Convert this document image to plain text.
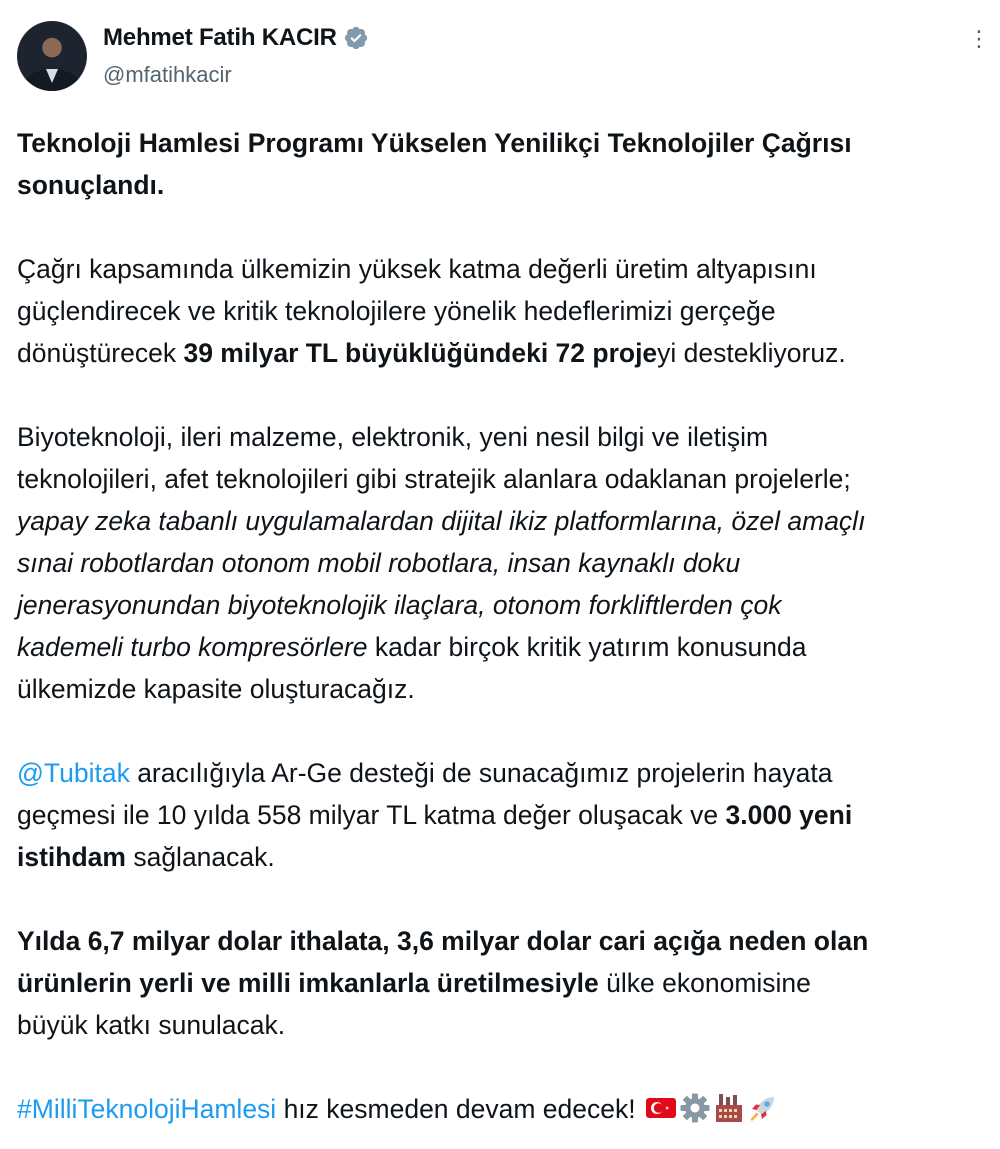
Mehmet Fatih KACIR
@mfatihkacir
⋮

Teknoloji Hamlesi Programı Yükselen Yenilikçi Teknolojiler Çağrısı
sonuçlandı.

Çağrı kapsamında ülkemizin yüksek katma değerli üretim altyapısını
güçlendirecek ve kritik teknolojilere yönelik hedeflerimizi gerçeğe
dönüştürecek 39 milyar TL büyüklüğündeki 72 projeyi destekliyoruz.

Biyoteknoloji, ileri malzeme, elektronik, yeni nesil bilgi ve iletişim
teknolojileri, afet teknolojileri gibi stratejik alanlara odaklanan projelerle;
yapay zeka tabanlı uygulamalardan dijital ikiz platformlarına, özel amaçlı
sınai robotlardan otonom mobil robotlara, insan kaynaklı doku
jenerasyonundan biyoteknolojik ilaçlara, otonom forkliftlerden çok
kademeli turbo kompresörlere kadar birçok kritik yatırım konusunda
ülkemizde kapasite oluşturacağız.

@Tubitak aracılığıyla Ar-Ge desteği de sunacağımız projelerin hayata
geçmesi ile 10 yılda 558 milyar TL katma değer oluşacak ve 3.000 yeni
istihdam sağlanacak.

Yılda 6,7 milyar dolar ithalata, 3,6 milyar dolar cari açığa neden olan
ürünlerin yerli ve milli imkanlarla üretilmesiyle ülke ekonomisine
büyük katkı sunulacak.

#MilliTeknolojiHamlesi hız kesmeden devam edecek!
